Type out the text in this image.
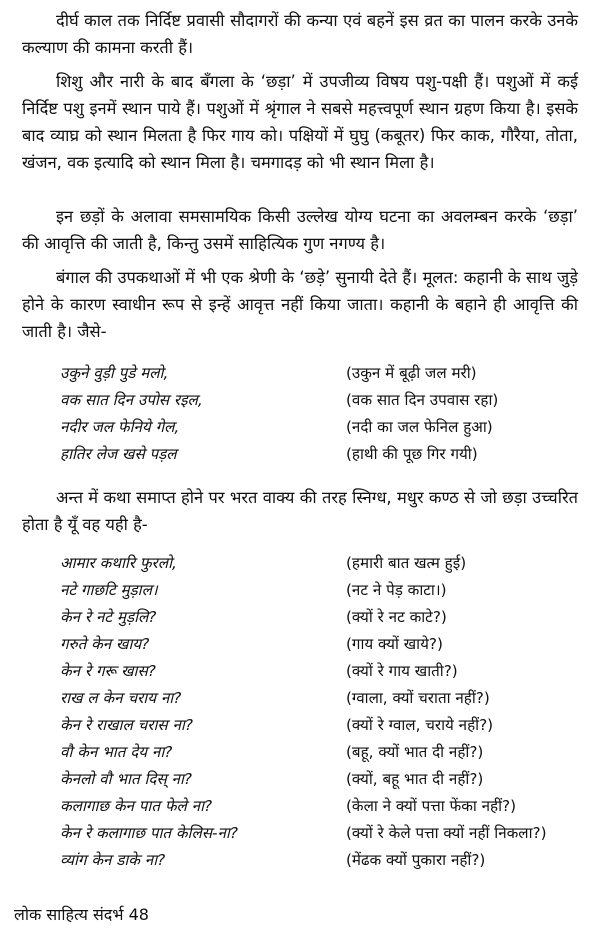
दीर्घ काल तक निर्दिष्ट प्रवासी सौदागरों की कन्या एवं बहनें इस व्रत का पालन करके उनके कल्याण की कामना करती हैं।

शिशु और नारी के बाद बँगला के ‘छड़ा’ में उपजीव्य विषय पशु-पक्षी हैं। पशुओं में कई निर्दिष्ट पशु इनमें स्थान पाये हैं। पशुओं में श्रृंगाल ने सबसे महत्त्वपूर्ण स्थान ग्रहण किया है। इसके बाद व्याघ्र को स्थान मिलता है फिर गाय को। पक्षियों में घुघु (कबूतर) फिर काक, गौरैया, तोता, खंजन, वक इत्यादि को स्थान मिला है। चमगादड़ को भी स्थान मिला है।

इन छड़ों के अलावा समसामयिक किसी उल्लेख योग्य घटना का अवलम्बन करके ‘छड़ा’ की आवृत्ति की जाती है, किन्तु उसमें साहित्यिक गुण नगण्य है।

बंगाल की उपकथाओं में भी एक श्रेणी के ‘छड़े’ सुनायी देते हैं। मूलत: कहानी के साथ जुड़े होने के कारण स्वाधीन रूप से इन्हें आवृत्त नहीं किया जाता। कहानी के बहाने ही आवृत्ति की जाती है। जैसे-

उकुने वुड़ी पुडे मलो,	(उकुन में बूढ़ी जल मरी)
वक सात दिन उपोस रइल,	(वक सात दिन उपवास रहा)
नदीर जल फेनिये गेल,	(नदी का जल फेनिल हुआ)
हातिर लेज खसे पड़ल	(हाथी की पूछ गिर गयी)

अन्त में कथा समाप्त होने पर भरत वाक्य की तरह स्निग्ध, मधुर कण्ठ से जो छड़ा उच्चरित होता है यूँ वह यही है-

आमार कथारि फुरलो,	(हमारी बात खत्म हुई)
नटे गाछटि मुड़ाल।	(नट ने पेड़ काटा।)
केन रे नटे मुड़लि?	(क्यों रे नट काटे?)
गरुते केन खाय?	(गाय क्यों खाये?)
केन रे गरू खास?	(क्यों रे गाय खाती?)
राख ल केन चराय ना?	(ग्वाला, क्यों चराता नहीं?)
केन रे राखाल चरास ना?	(क्यों रे ग्वाल, चराये नहीं?)
वौ केन भात देय ना?	(बहू, क्यों भात दी नहीं?)
केनलो वौ भात दिस् ना?	(क्यों, बहू भात दी नहीं?)
कलागाछ केन पात फेले ना?	(केला ने क्यों पत्ता फेंका नहीं?)
केन रे कलागाछ पात केलिस-ना?	(क्यों रे केले पत्ता क्यों नहीं निकला?)
व्यांग केन डाके ना?	(मेंढक क्यों पुकारा नहीं?)
लोक साहित्य संदर्भ 48
